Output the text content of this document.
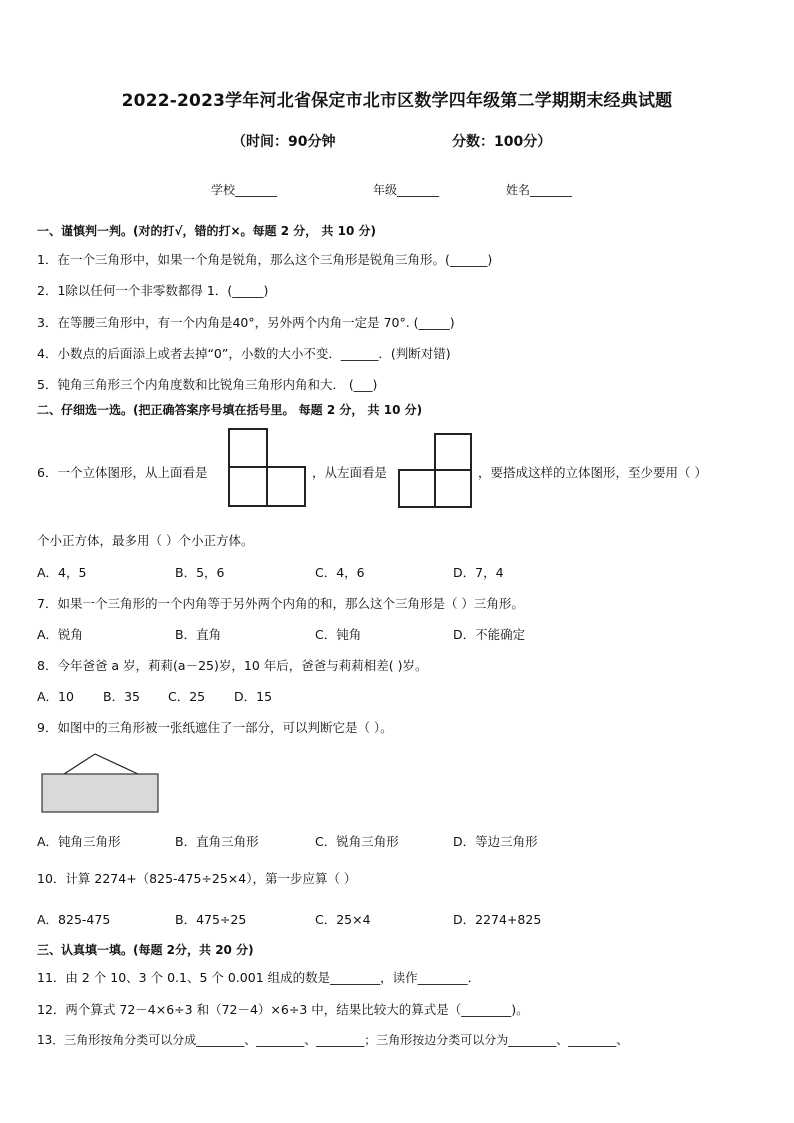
2022-2023学年河北省保定市北市区数学四年级第二学期期末经典试题
（时间：90分钟	分数：100分）
学校_______	年级_______	姓名_______
一、谨慎判一判。(对的打√，错的打×。每题 2 分， 共 10 分)
1．在一个三角形中，如果一个角是锐角，那么这个三角形是锐角三角形。(______)
2．1除以任何一个非零数都得 1．(_____)
3．在等腰三角形中，有一个内角是40°，另外两个内角一定是 70°. (_____)
4．小数点的后面添上或者去掉“0”，小数的大小不变．______．(判断对错)
5．钝角三角形三个内角度数和比锐角三角形内角和大． (___)
二、仔细选一选。(把正确答案序号填在括号里。 每题 2 分， 共 10 分)
6．一个立体图形，从上面看是	，从左面看是	，要搭成这样的立体图形，至少要用（ ）
个小正方体，最多用（ ）个小正方体。
A．4，5	B．5，6	C．4，6	D．7，4
7．如果一个三角形的一个内角等于另外两个内角的和，那么这个三角形是（ ）三角形。
A．锐角	B．直角	C．钝角	D．不能确定
8．今年爸爸 a 岁，莉莉(a－25)岁，10 年后，爸爸与莉莉相差( )岁。
A．10 B．35 C．25 D．15
9．如图中的三角形被一张纸遮住了一部分，可以判断它是（ ）。
A．钝角三角形	B．直角三角形	C．锐角三角形	D．等边三角形
10．计算 2274+（825-475÷25×4），第一步应算（ ）
A．825-475	B．475÷25	C．25×4	D．2274+825
三、认真填一填。(每题 2分，共 20 分)
11．由 2 个 10、3 个 0.1、5 个 0.001 组成的数是________，读作________．
12．两个算式 72－4×6÷3 和（72－4）×6÷3 中，结果比较大的算式是（________)。
13．三角形按角分类可以分成________、________、________；三角形按边分类可以分为________、________、
